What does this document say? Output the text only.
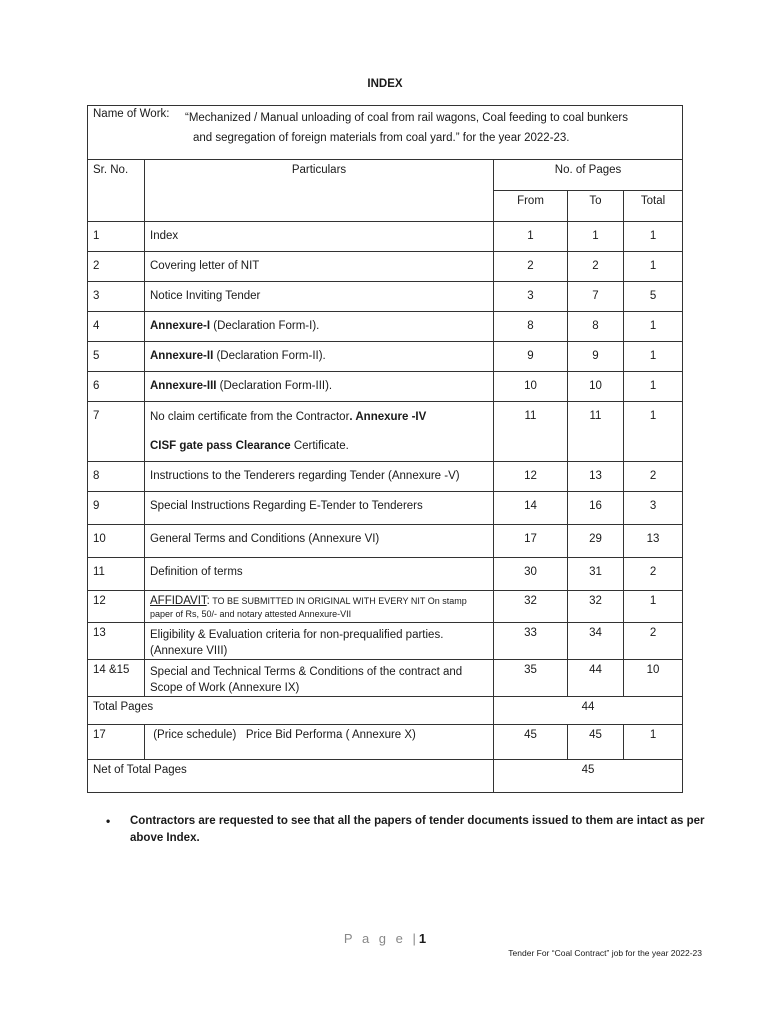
INDEX
Name of Work: “Mechanized / Manual unloading of coal from rail wagons, Coal feeding to coal bunkers
and segregation of foreign materials from coal yard.” for the year 2022-23.				

Sr. No.	Particulars	No. of Pages		
		From	To	Total
1	Index	1	1	1
2	Covering letter of NIT	2	2	1
3	Notice Inviting Tender	3	7	5
4	Annexure-I (Declaration Form-I).	8	8	1
5	Annexure-II (Declaration Form-II).	9	9	1
6	Annexure-III (Declaration Form-III).	10	10	1
7	No claim certificate from the Contractor. Annexure -IV
CISF gate pass Clearance Certificate.	11	11	1
8	Instructions to the Tenderers regarding Tender (Annexure -V)	12	13	2
9	Special Instructions Regarding E-Tender to Tenderers	14	16	3
10	General Terms and Conditions (Annexure VI)	17	29	13
11	Definition of terms	30	31	2
12	AFFIDAVIT: TO BE SUBMITTED IN ORIGINAL WITH EVERY NIT On stamp
paper of Rs, 50/- and notary attested Annexure-VII	32	32	1
13	Eligibility & Evaluation criteria for non-prequalified parties.
(Annexure VIII)	33	34	2
14 &15	Special and Technical Terms & Conditions of the contract and
Scope of Work (Annexure IX)	35	44	10
Total Pages		44		
17	(Price schedule)   Price Bid Performa ( Annexure X)	45	45	1
Net of Total Pages		45		
• Contractors are requested to see that all the papers of tender documents issued to them are intact as per above Index.
P a g e |1
Tender For “Coal Contract” job for the year 2022-23
